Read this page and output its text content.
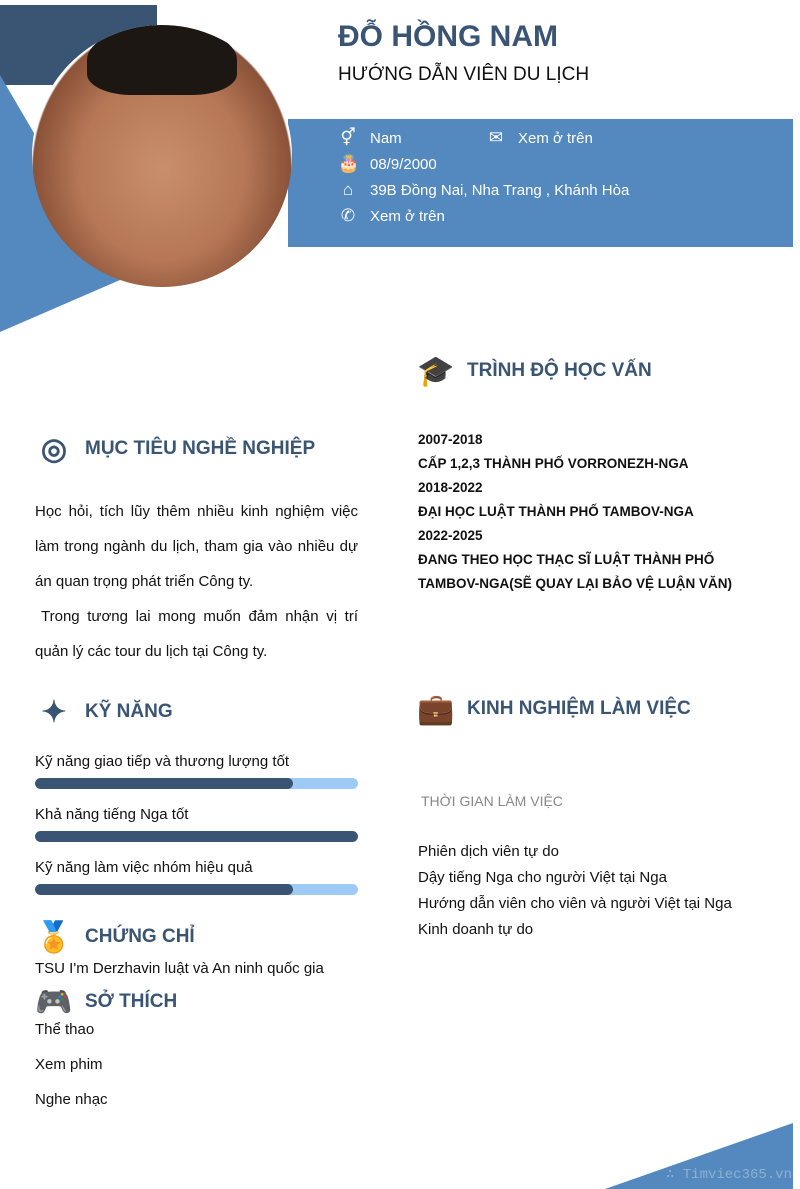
ĐỖ HỒNG NAM
HƯỚNG DẪN VIÊN DU LỊCH
⚥ Nam	✉ Xem ở trên
🎂 08/9/2000
⌂	39B Đồng Nai, Nha Trang , Khánh Hòa
✆ Xem ở trên
🎓 TRÌNH ĐỘ HỌC VẤN
2007-2018
CẤP 1,2,3 THÀNH PHỐ VORRONEZH-NGA
2018-2022
ĐẠI HỌC LUẬT THÀNH PHỐ TAMBOV-NGA
2022-2025
ĐANG THEO HỌC THẠC SĨ LUẬT THÀNH PHỐ
TAMBOV-NGA(SẼ QUAY LẠI BẢO VỆ LUẬN VĂN)
◎ MỤC TIÊU NGHỀ NGHIỆP

Học hỏi, tích lũy thêm nhiều kinh nghiệm việc làm trong ngành du lịch, tham gia vào nhiều dự án quan trọng phát triển Công ty.

Trong tương lai mong muốn đảm nhận vị trí quản lý các tour du lịch tại Công ty.

✦ KỸ NĂNG
Kỹ năng giao tiếp và thương lượng tốt
Khả năng tiếng Nga tốt
Kỹ năng làm việc nhóm hiệu quả
🏅 CHỨNG CHỈ
TSU I'm Derzhavin luật và An ninh quốc gia
🎮 SỞ THÍCH
Thể thao
Xem phim
Nghe nhạc
💼 KINH NGHIỆM LÀM VIỆC
THỜI GIAN LÀM VIỆC
Phiên dịch viên tự do
Dậy tiếng Nga cho người Việt tại Nga
Hướng dẫn viên cho viên và người Việt tại Nga
Kinh doanh tự do
∴ Timviec365.vn
